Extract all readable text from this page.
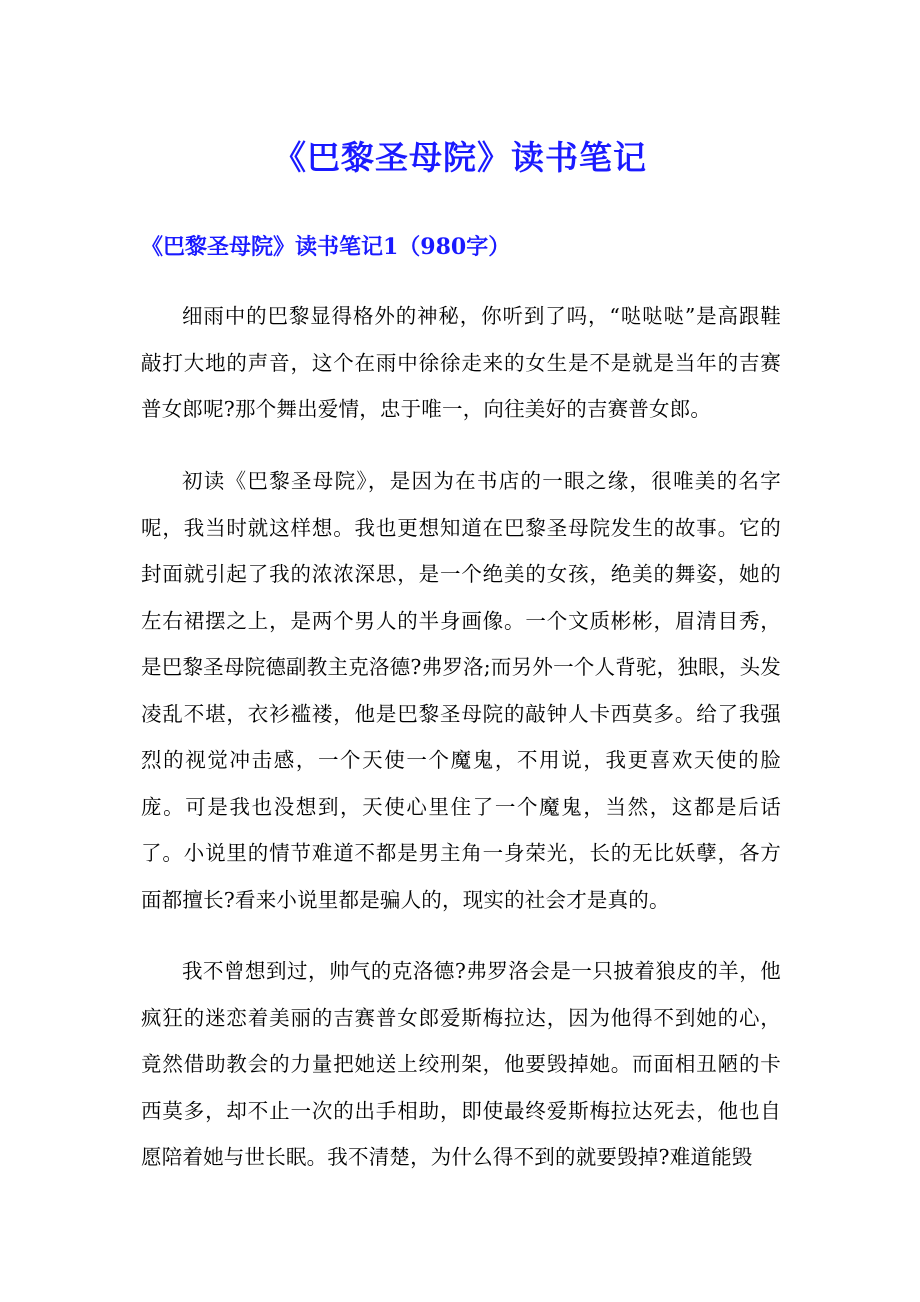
《巴黎圣母院》读书笔记
《巴黎圣母院》读书笔记1（980字）

细雨中的巴黎显得格外的神秘，你听到了吗，“哒哒哒”是高跟鞋敲打大地的声音，这个在雨中徐徐走来的女生是不是就是当年的吉赛普女郎呢?那个舞出爱情，忠于唯一，向往美好的吉赛普女郎。

初读《巴黎圣母院》，是因为在书店的一眼之缘，很唯美的名字呢，我当时就这样想。我也更想知道在巴黎圣母院发生的故事。它的封面就引起了我的浓浓深思，是一个绝美的女孩，绝美的舞姿，她的左右裙摆之上，是两个男人的半身画像。一个文质彬彬，眉清目秀，是巴黎圣母院德副教主克洛德?弗罗洛;而另外一个人背驼，独眼，头发凌乱不堪，衣衫褴褛，他是巴黎圣母院的敲钟人卡西莫多。给了我强烈的视觉冲击感，一个天使一个魔鬼，不用说，我更喜欢天使的脸庞。可是我也没想到，天使心里住了一个魔鬼，当然，这都是后话了。小说里的情节难道不都是男主角一身荣光，长的无比妖孽，各方面都擅长?看来小说里都是骗人的，现实的社会才是真的。

我不曾想到过，帅气的克洛德?弗罗洛会是一只披着狼皮的羊，他疯狂的迷恋着美丽的吉赛普女郎爱斯梅拉达，因为他得不到她的心，竟然借助教会的力量把她送上绞刑架，他要毁掉她。而面相丑陋的卡西莫多，却不止一次的出手相助，即使最终爱斯梅拉达死去，他也自愿陪着她与世长眠。我不清楚，为什么得不到的就要毁掉?难道能毁
